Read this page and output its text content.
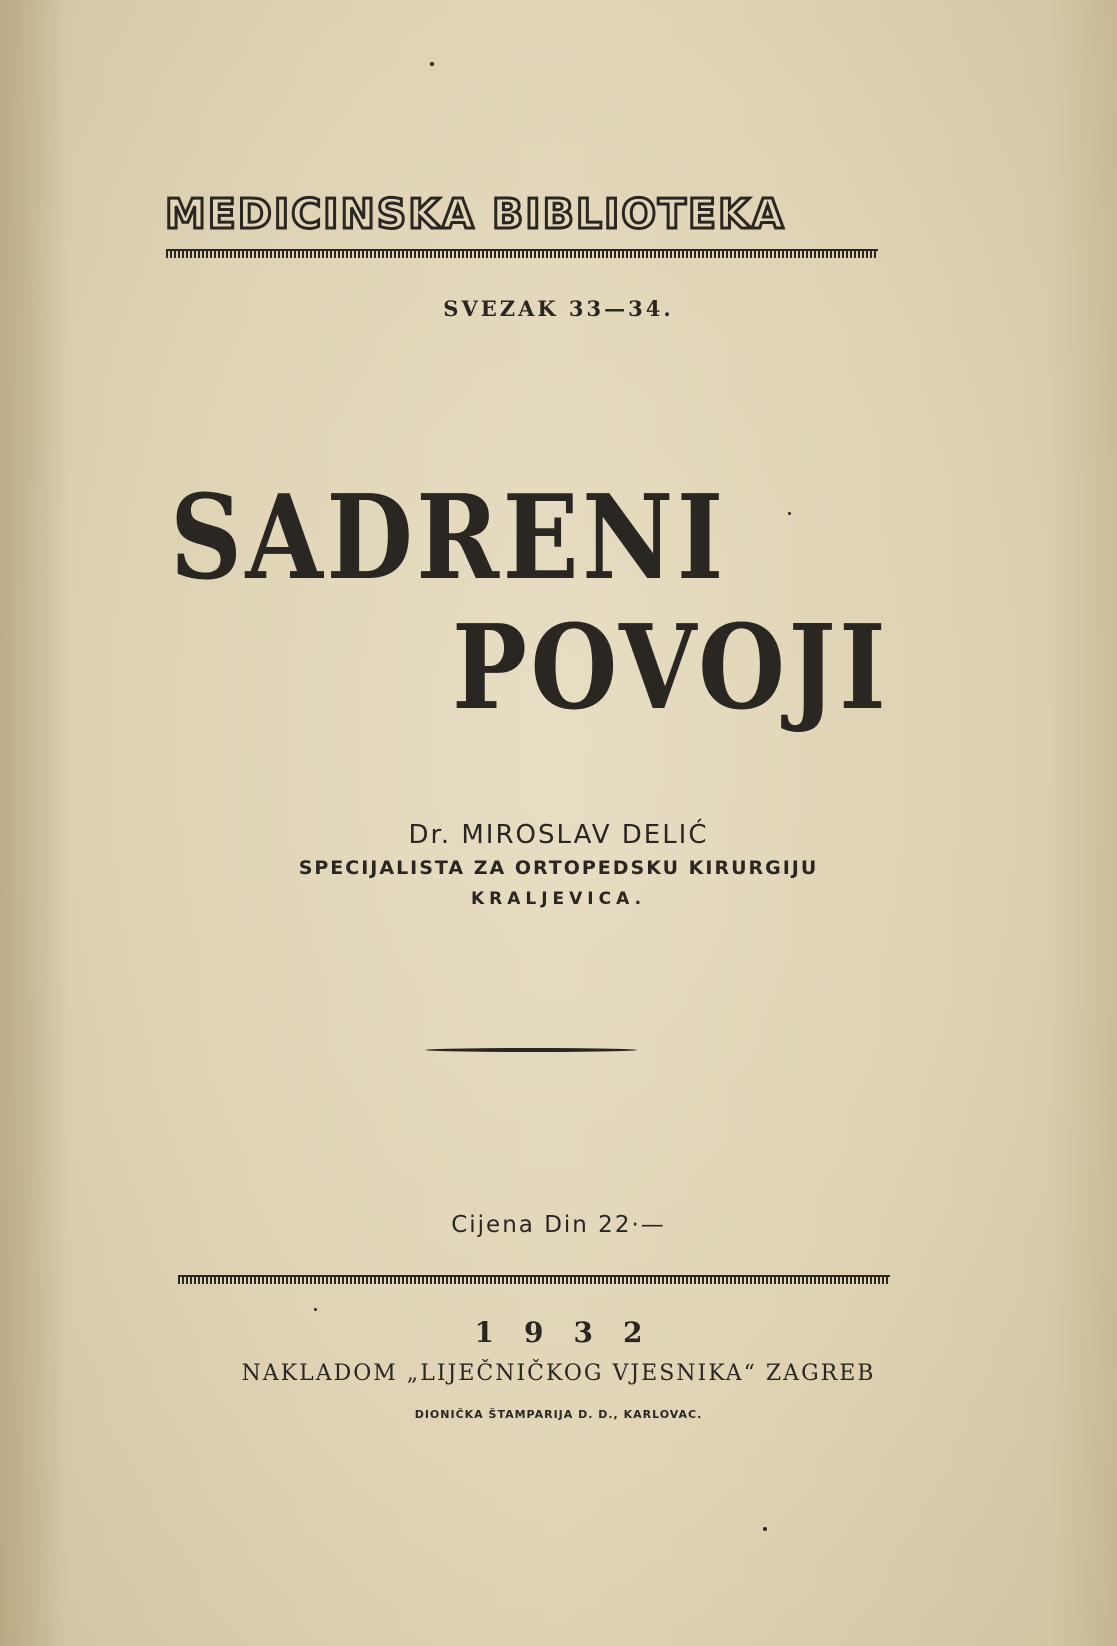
MEDICINSKA BIBLIOTEKA
SVEZAK 33—34.
SADRENI
POVOJI
Dr. MIROSLAV DELIĆ
SPECIJALISTA ZA ORTOPEDSKU KIRURGIJU
KRALJEVICA.
Cijena Din 22·—
1932
NAKLADOM „LIJEČNIČKOG VJESNIKA“ ZAGREB
DIONIČKA ŠTAMPARIJA D. D., KARLOVAC.
